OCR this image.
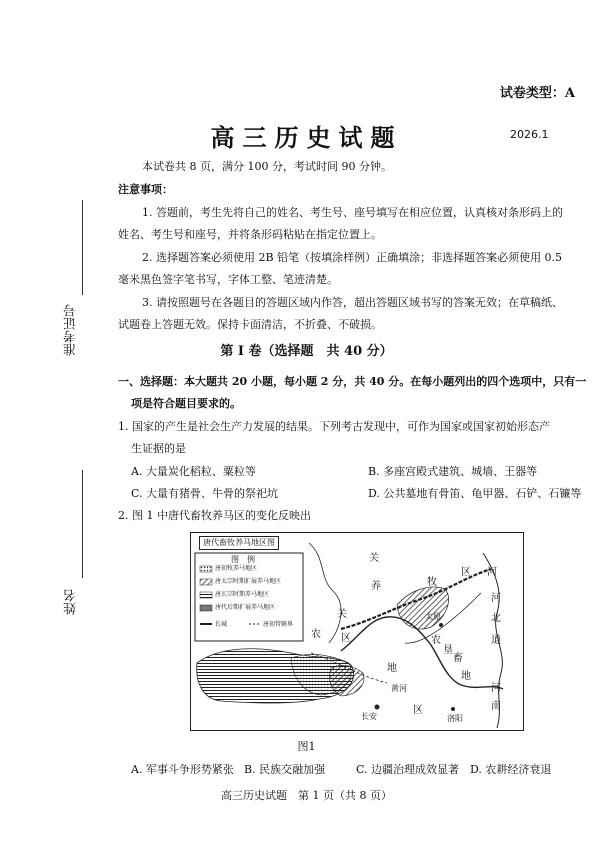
试卷类型：A
高三历史试题	2026.1
准考证号
姓名
本试卷共 8 页，满分 100 分，考试时间 90 分钟。
注意事项：
1. 答题前，考生先将自己的姓名、考生号、座号填写在相应位置，认真核对条形码上的
姓名、考生号和座号，并将条形码粘贴在指定位置上。
2. 选择题答案必须使用 2B 铅笔（按填涂样例）正确填涂；非选择题答案必须使用 0.5
毫米黑色签字笔书写，字体工整、笔迹清楚。
3. 请按照题号在各题目的答题区域内作答，超出答题区域书写的答案无效；在草稿纸、
试题卷上答题无效。保持卡面清洁，不折叠、不破损。
第 Ⅰ 卷（选择题　共 40 分）
一、选择题：本大题共 20 小题，每小题 2 分，共 40 分。在每小题列出的四个选项中，只有一
项是符合题目要求的。
1. 国家的产生是社会生产力发展的结果。下列考古发现中，可作为国家或国家初始形态产
生证据的是
A. 大量炭化稻粒、粟粒等	B. 多座宫殿式建筑、城墙、王器等
C. 大量有猪骨、牛骨的祭祀坑	D. 公共墓地有骨笛、龟甲器、石铲、石镰等
2. 图 1 中唐代畜牧养马区的变化反映出
唐代畜牧养马地区图
图　例
唐初牧养马地区
唐太宗时期扩展养马地区
唐玄宗时期养马地区
唐代后期扩展养马地区
长城	唐初管辖界
关
养	牧
区 河
河
北
道
关
农 区	农
垦
畜
地
地
河
南
区
长安
黄河
太原
洛阳
图1
A. 军事斗争形势紧张 B. 民族交融加强	C. 边疆治理成效显著 D. 农耕经济衰退
高三历史试题　第 1 页（共 8 页）
